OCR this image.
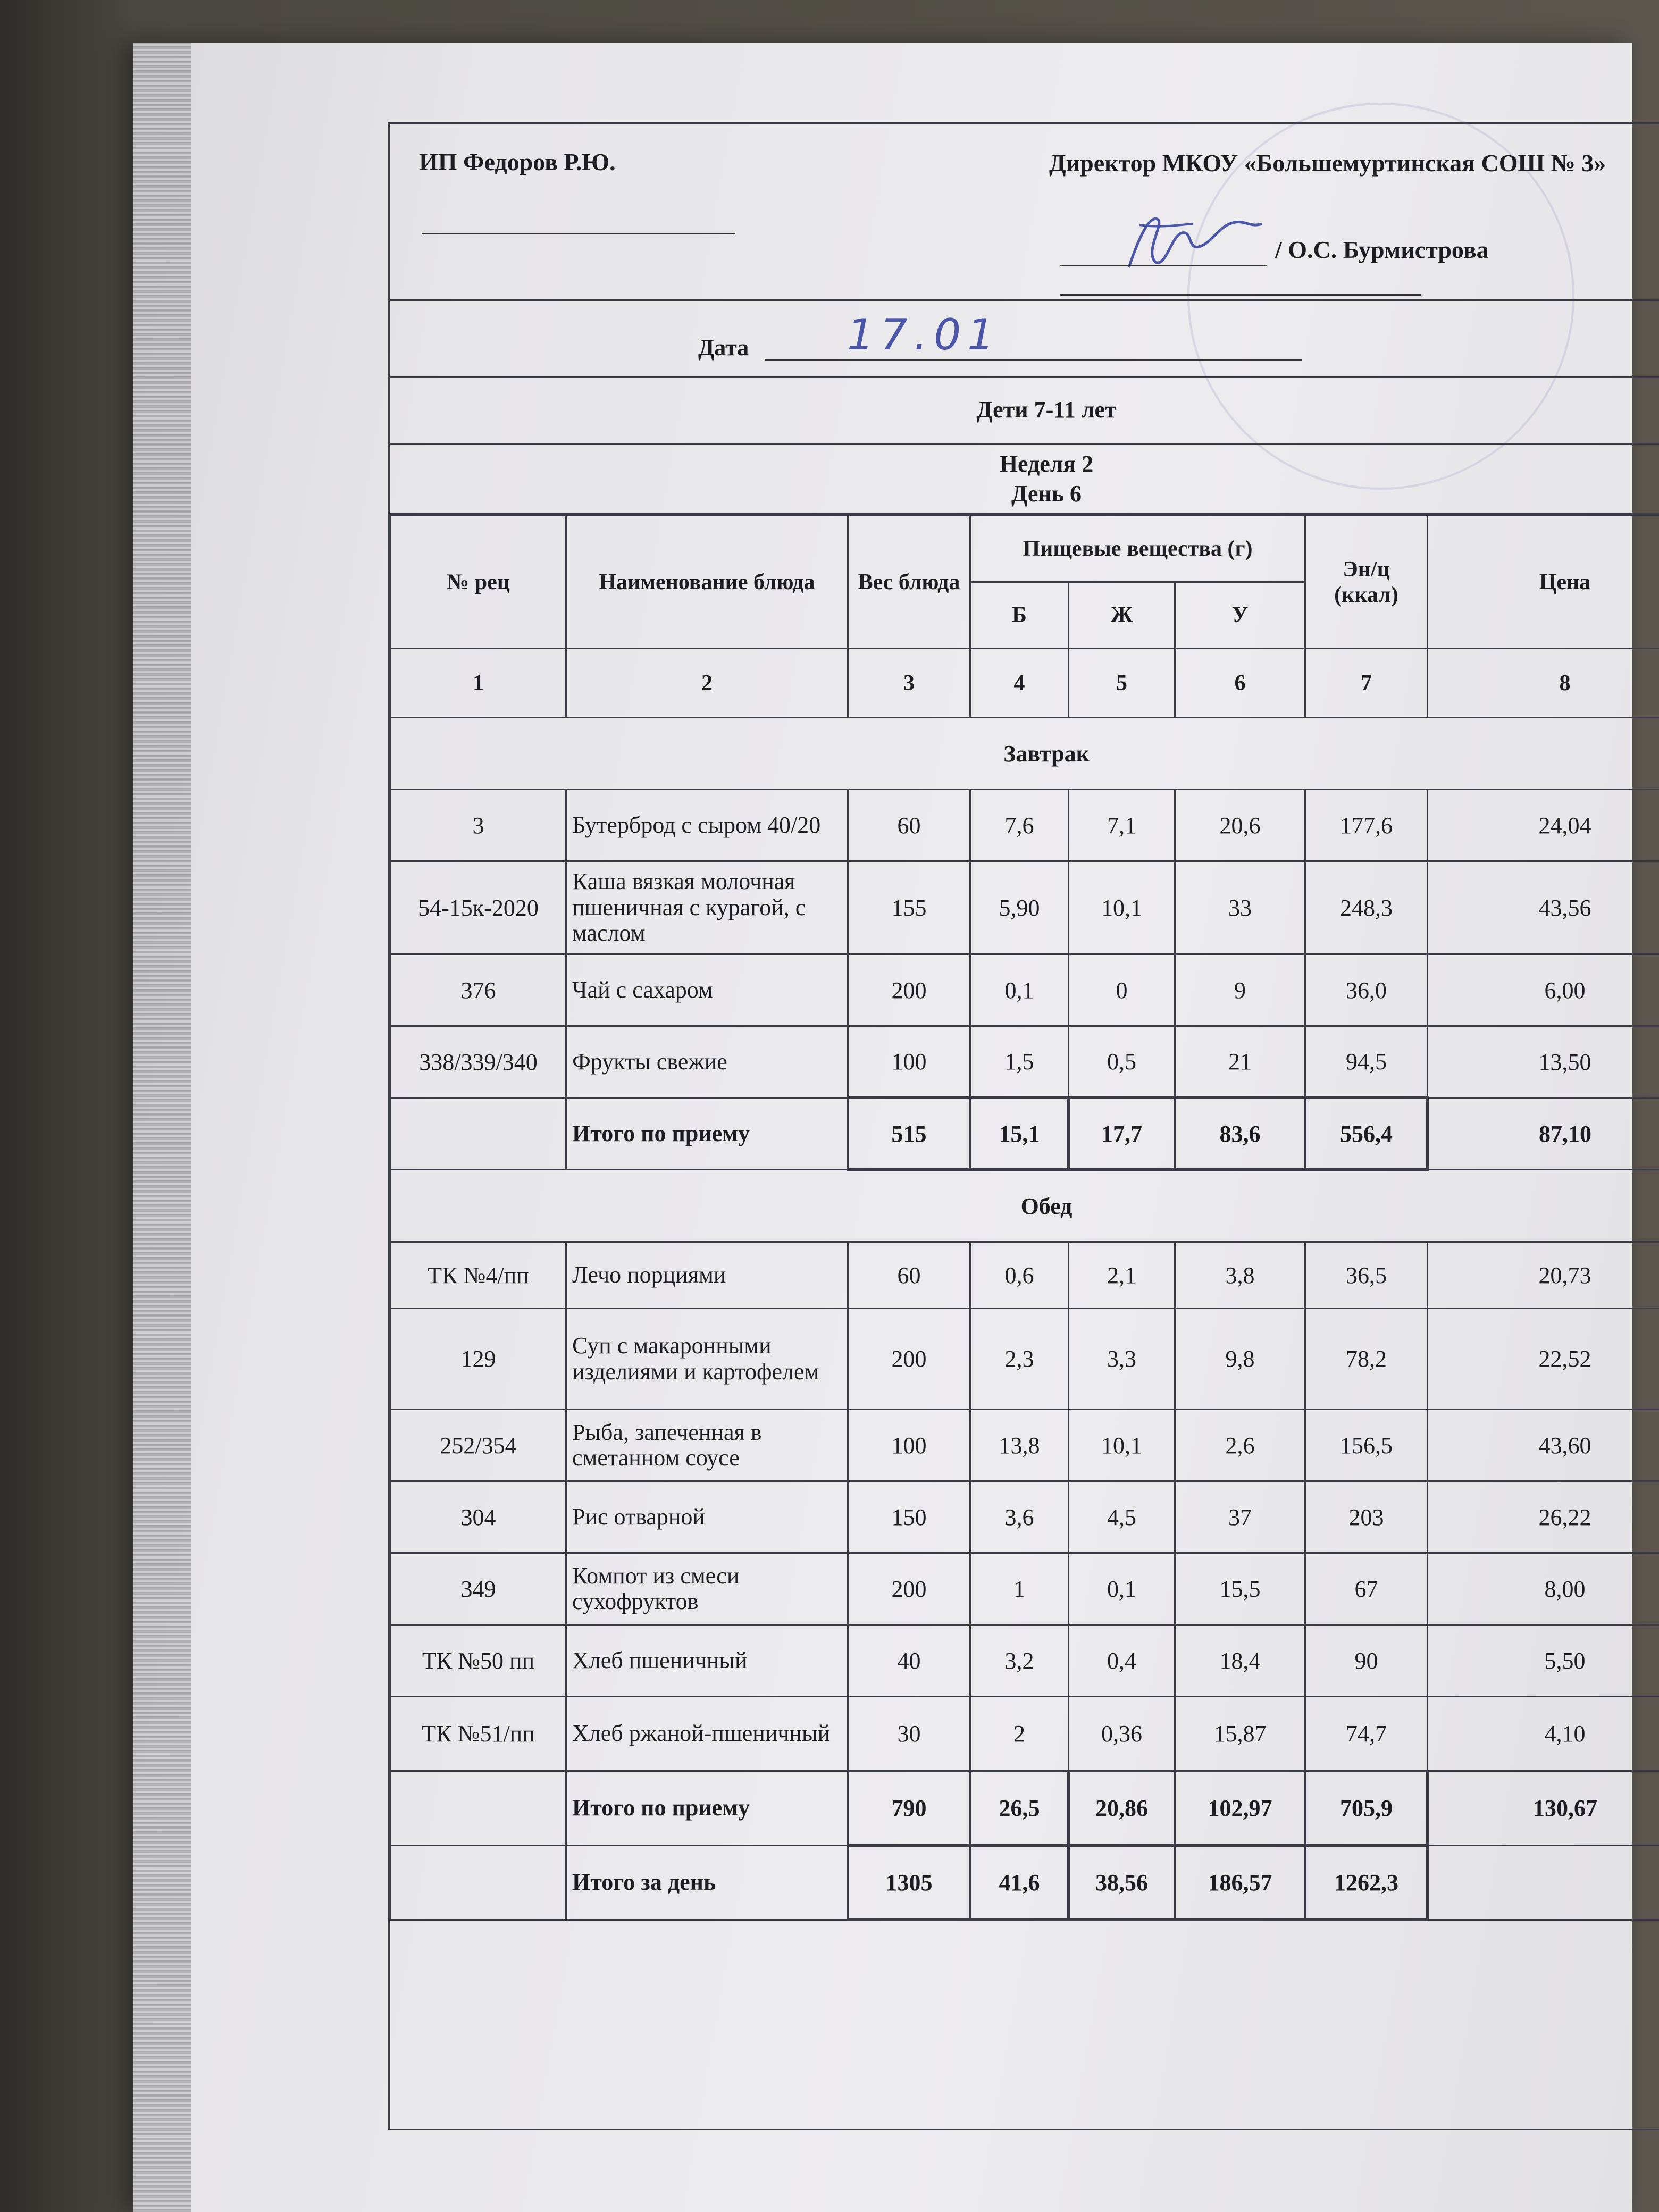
ИП Федоров Р.Ю.	Директор МКОУ «Большемуртинская СОШ № 3»
/ О.С. Бурмистрова
Дата 17.01
Дети 7-11 лет
Неделя 2
День 6
№ рец	Наименование блюда	Вес блюда	Пищевые вещества (г)			Эн/ц (ккал)	Цена
			Б	Ж	У		
1	2	3	4	5	6	7	8
Завтрак							
3	Бутерброд с сыром 40/20	60	7,6	7,1	20,6	177,6	24,04
54-15к-2020	Каша вязкая молочная пшеничная с курагой, с маслом	155	5,90	10,1	33	248,3	43,56
376	Чай с сахаром	200	0,1	0	9	36,0	6,00
338/339/340	Фрукты свежие	100	1,5	0,5	21	94,5	13,50
	Итого по приему	515	15,1	17,7	83,6	556,4	87,10
Обед							
ТК №4/пп	Лечо порциями	60	0,6	2,1	3,8	36,5	20,73
129	Суп с макаронными изделиями и картофелем	200	2,3	3,3	9,8	78,2	22,52
252/354	Рыба, запеченная в сметанном соусе	100	13,8	10,1	2,6	156,5	43,60
304	Рис отварной	150	3,6	4,5	37	203	26,22
349	Компот из смеси сухофруктов	200	1	0,1	15,5	67	8,00
ТК №50 пп	Хлеб пшеничный	40	3,2	0,4	18,4	90	5,50
ТК №51/пп	Хлеб ржаной-пшеничный	30	2	0,36	15,87	74,7	4,10
	Итого по приему	790	26,5	20,86	102,97	705,9	130,67
	Итого за день	1305	41,6	38,56	186,57	1262,3	
